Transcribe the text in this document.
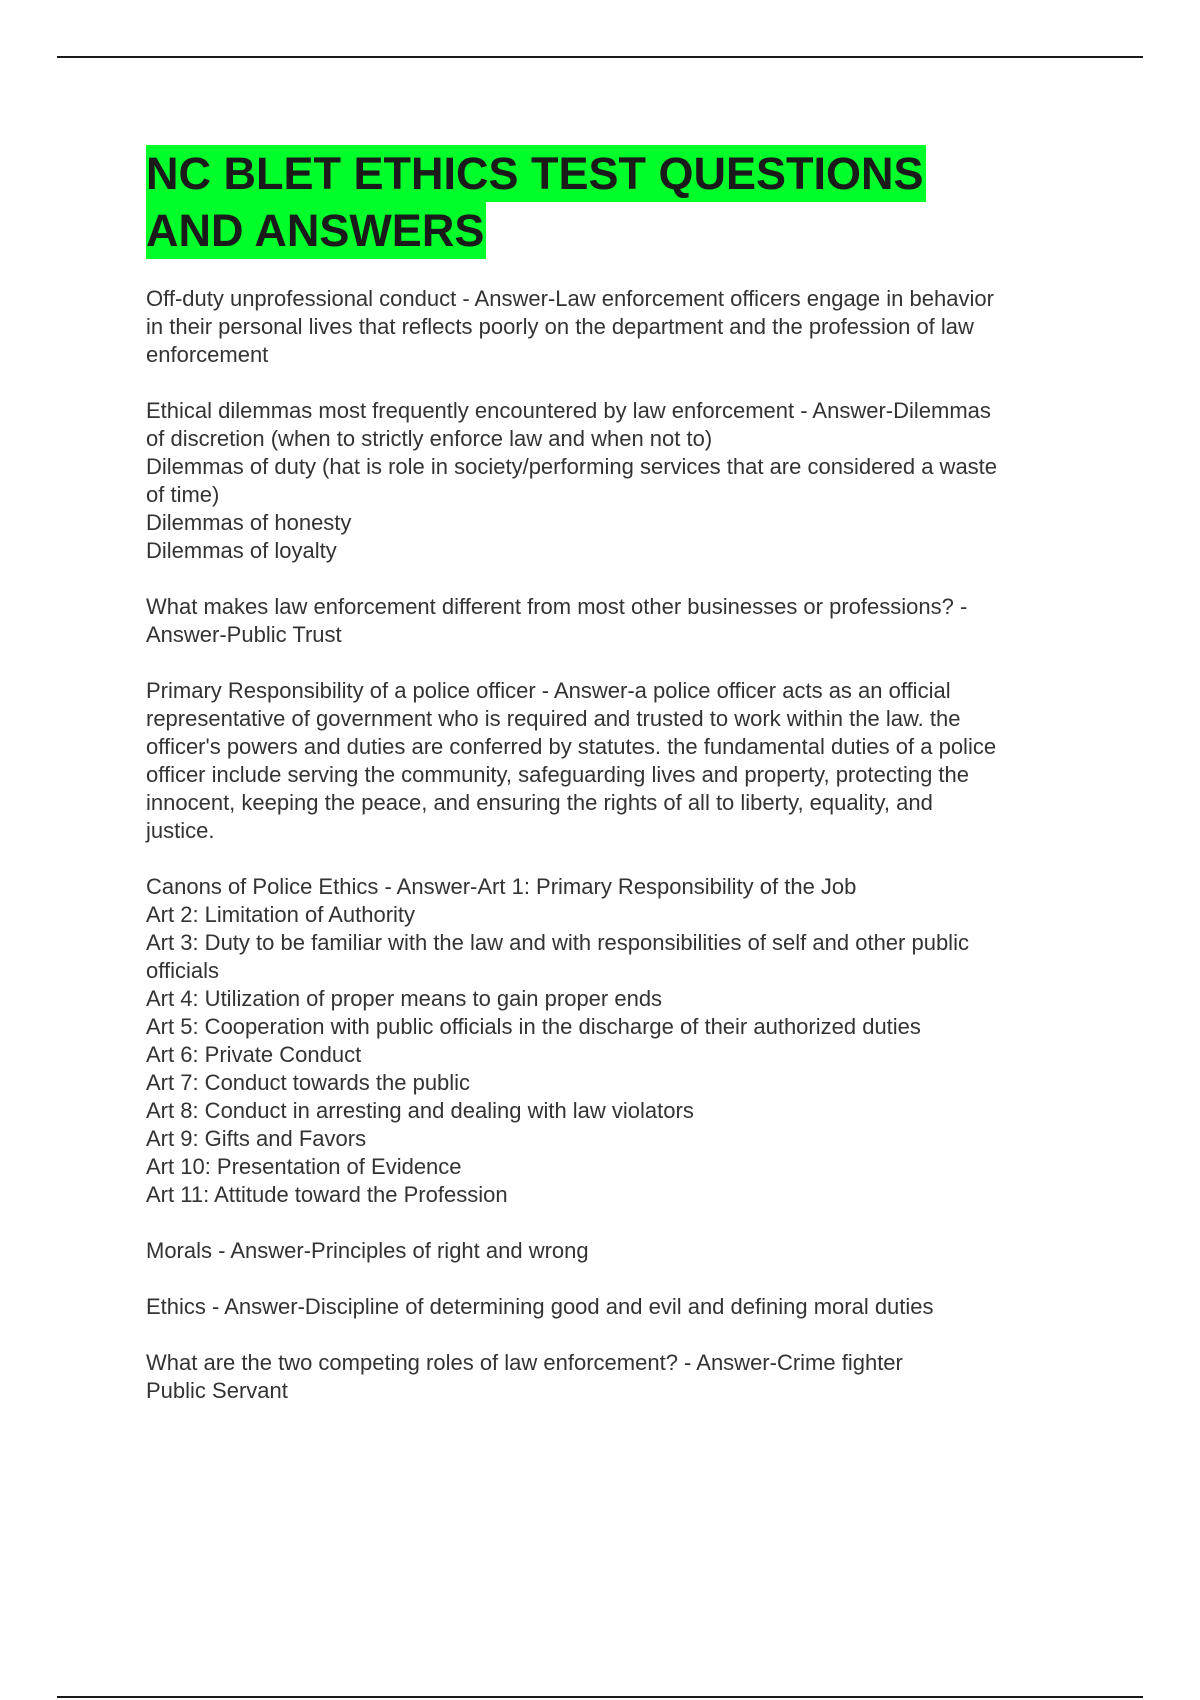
NC BLET ETHICS TEST QUESTIONS
AND ANSWERS

Off-duty unprofessional conduct - Answer-Law enforcement officers engage in behavior
in their personal lives that reflects poorly on the department and the profession of law
enforcement

Ethical dilemmas most frequently encountered by law enforcement - Answer-Dilemmas
of discretion (when to strictly enforce law and when not to)
Dilemmas of duty (hat is role in society/performing services that are considered a waste
of time)
Dilemmas of honesty
Dilemmas of loyalty

What makes law enforcement different from most other businesses or professions? -
Answer-Public Trust

Primary Responsibility of a police officer - Answer-a police officer acts as an official
representative of government who is required and trusted to work within the law. the
officer's powers and duties are conferred by statutes. the fundamental duties of a police
officer include serving the community, safeguarding lives and property, protecting the
innocent, keeping the peace, and ensuring the rights of all to liberty, equality, and
justice.

Canons of Police Ethics - Answer-Art 1: Primary Responsibility of the Job
Art 2: Limitation of Authority
Art 3: Duty to be familiar with the law and with responsibilities of self and other public
officials
Art 4: Utilization of proper means to gain proper ends
Art 5: Cooperation with public officials in the discharge of their authorized duties
Art 6: Private Conduct
Art 7: Conduct towards the public
Art 8: Conduct in arresting and dealing with law violators
Art 9: Gifts and Favors
Art 10: Presentation of Evidence
Art 11: Attitude toward the Profession

Morals - Answer-Principles of right and wrong

Ethics - Answer-Discipline of determining good and evil and defining moral duties

What are the two competing roles of law enforcement? - Answer-Crime fighter
Public Servant
